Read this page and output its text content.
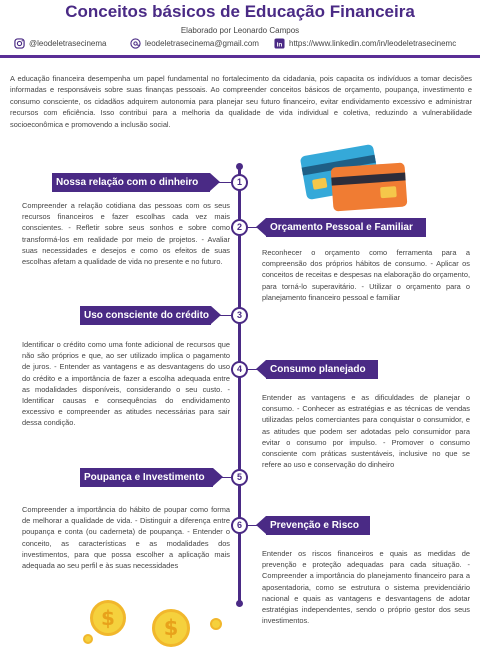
Conceitos básicos de Educação Financeira
Elaborado por Leonardo Campos
@leodeletrasecinema	leodeletrasecinema@gmail.com	in https://www.linkedin.com/in/leodeletrasecinemc

A educação financeira desempenha um papel fundamental no fortalecimento da cidadania, pois capacita os indivíduos a tomar decisões informadas e responsáveis sobre suas finanças pessoais. Ao compreender conceitos básicos de orçamento, poupança, investimento e consumo consciente, os cidadãos adquirem autonomia para planejar seu futuro financeiro, evitar endividamento excessivo e administrar recursos com eficiência. Isso contribui para a melhoria da qualidade de vida individual e coletiva, reduzindo a vulnerabilidade socioeconômica e promovendo a inclusão social.

Nossa relação com o dinheiro	1

Compreender a relação cotidiana das pessoas com os seus recursos financeiros e fazer escolhas cada vez mais conscientes. - Refletir sobre seus sonhos e sobre como transformá-los em realidade por meio de projetos. - Avaliar suas necessidades e desejos e como os efeitos de suas escolhas afetam a qualidade de vida no presente e no futuro.

Orçamento Pessoal e Familiar
2

Reconhecer o orçamento como ferramenta para a compreensão dos próprios hábitos de consumo. - Aplicar os conceitos de receitas e despesas na elaboração do orçamento, para torná-lo superavitário. - Utilizar o orçamento para o planejamento financeiro pessoal e familiar

Uso consciente do crédito	3

Identificar o crédito como uma fonte adicional de recursos que não são próprios e que, ao ser utilizado implica o pagamento de juros. - Entender as vantagens e as desvantagens do uso do crédito e a importância de fazer a escolha adequada entre as modalidades disponíveis, considerando o seu custo. - Identificar causas e consequências do endividamento excessivo e compreender as atitudes necessárias para sair dessa condição.

Consumo planejado
4

Entender as vantagens e as dificuldades de planejar o consumo. - Conhecer as estratégias e as técnicas de vendas utilizadas pelos comerciantes para conquistar o consumidor, e as atitudes que podem ser adotadas pelo consumidor para evitar o consumo por impulso. - Promover o consumo consciente com práticas sustentáveis, inclusive no que se refere ao uso e conservação do dinheiro

Poupança e Investimento	5

Compreender a importância do hábito de poupar como forma de melhorar a qualidade de vida. - Distinguir a diferença entre poupança e conta (ou caderneta) de poupança. - Entender o conceito, as características e as modalidades dos investimentos, para que possa escolher a aplicação mais adequada ao seu perfil e às suas necessidades

Prevenção e Risco
6

Entender os riscos financeiros e quais as medidas de prevenção e proteção adequadas para cada situação. - Compreender a importância do planejamento financeiro para a aposentadoria, como se estrutura o sistema previdenciário nacional e quais as vantagens e desvantagens de adotar estratégias independentes, sendo o próprio gestor dos seus investimentos.

$	$
